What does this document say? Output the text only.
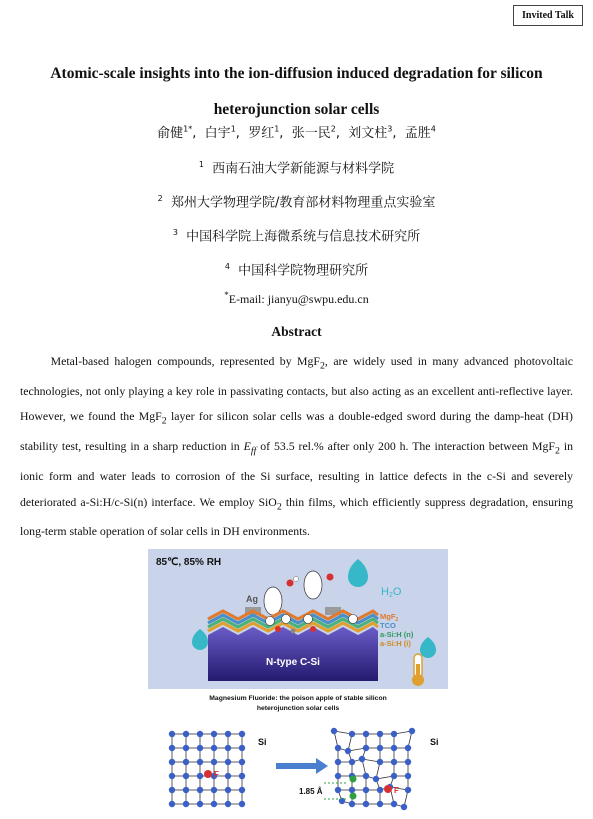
Invited Talk
Atomic-scale insights into the ion-diffusion induced degradation for silicon heterojunction solar cells
俞健$^{1*}$,  白宇$^1$,  罗红$^1$,  张一民$^2$,  刘文柱$^3$,  孟胜$^4$
$^1$ 西南石油大学新能源与材料学院
$^2$ 郑州大学物理学院/教育部材料物理重点实验室
$^3$ 中国科学院上海微系统与信息技术研究所
$^4$ 中国科学院物理研究所
*E-mail: jianyu@swpu.edu.cn
Abstract
Metal-based halogen compounds, represented by MgF$_2$, are widely used in many advanced photovoltaic technologies, not only playing a key role in passivating contacts, but also acting as an excellent anti-reflective layer. However, we found the MgF$_2$ layer for silicon solar cells was a double-edged sword during the damp-heat (DH) stability test, resulting in a sharp reduction in $E_{ff}$ of 53.5 rel.% after only 200 h. The interaction between MgF$_2$ in ionic form and water leads to corrosion of the Si surface, resulting in lattice defects in the c-Si and severely deteriorated a-Si:H/c-Si(n) interface. We employ SiO$_2$ thin films, which efficiently suppress degradation, ensuring long-term stable operation of solar cells in DH environments.
85℃, 85% RH
H2O
Ag
N-type C-Si
MgF$_2$
TCO
a-Si:H (n)
a-Si:H (i)
Magnesium Fluoride: the poison apple of stable silicon
heterojunction solar cells
Si	Si
F
F
1.85 Å
